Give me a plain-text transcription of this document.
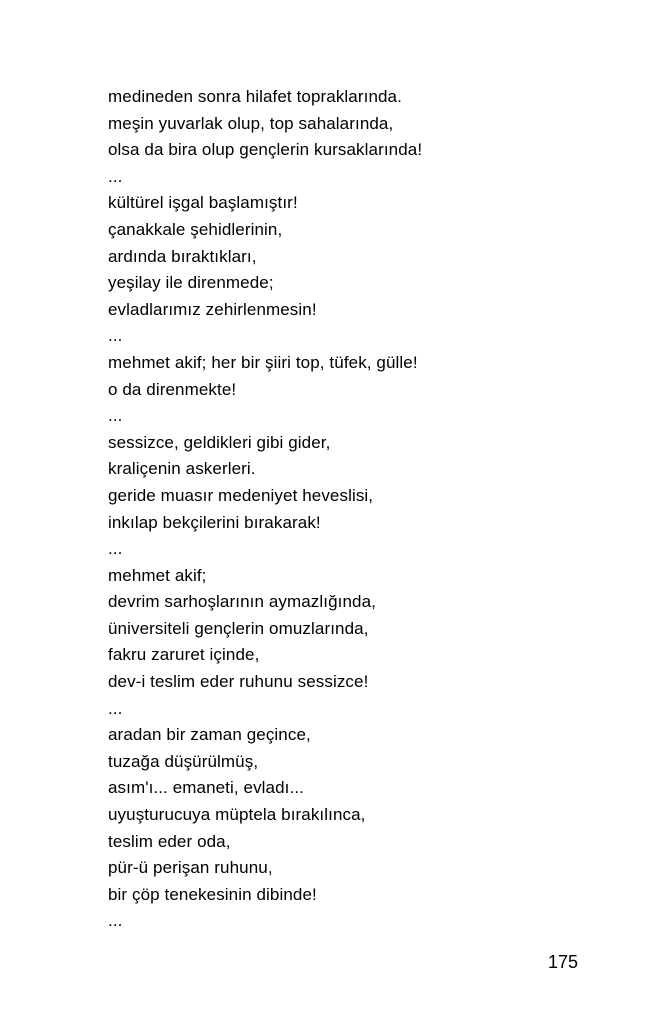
medineden sonra hilafet topraklarında.
meşin yuvarlak olup, top sahalarında,
olsa da bira olup gençlerin kursaklarında!
...
kültürel işgal başlamıştır!
çanakkale şehidlerinin,
ardında bıraktıkları,
yeşilay ile direnmede;
evladlarımız zehirlenmesin!
...
mehmet akif; her bir şiiri top, tüfek, gülle!
o da direnmekte!
...
sessizce, geldikleri gibi gider,
kraliçenin askerleri.
geride muasır medeniyet heveslisi,
inkılap bekçilerini bırakarak!
...
mehmet akif;
devrim sarhoşlarının aymazlığında,
üniversiteli gençlerin omuzlarında,
fakru zaruret içinde,
dev-i teslim eder ruhunu sessizce!
...
aradan bir zaman geçince,
tuzağa düşürülmüş,
asım'ı... emaneti, evladı...
uyuşturucuya müptela bırakılınca,
teslim eder oda,
pür-ü perişan ruhunu,
bir çöp tenekesinin dibinde!
...
175
